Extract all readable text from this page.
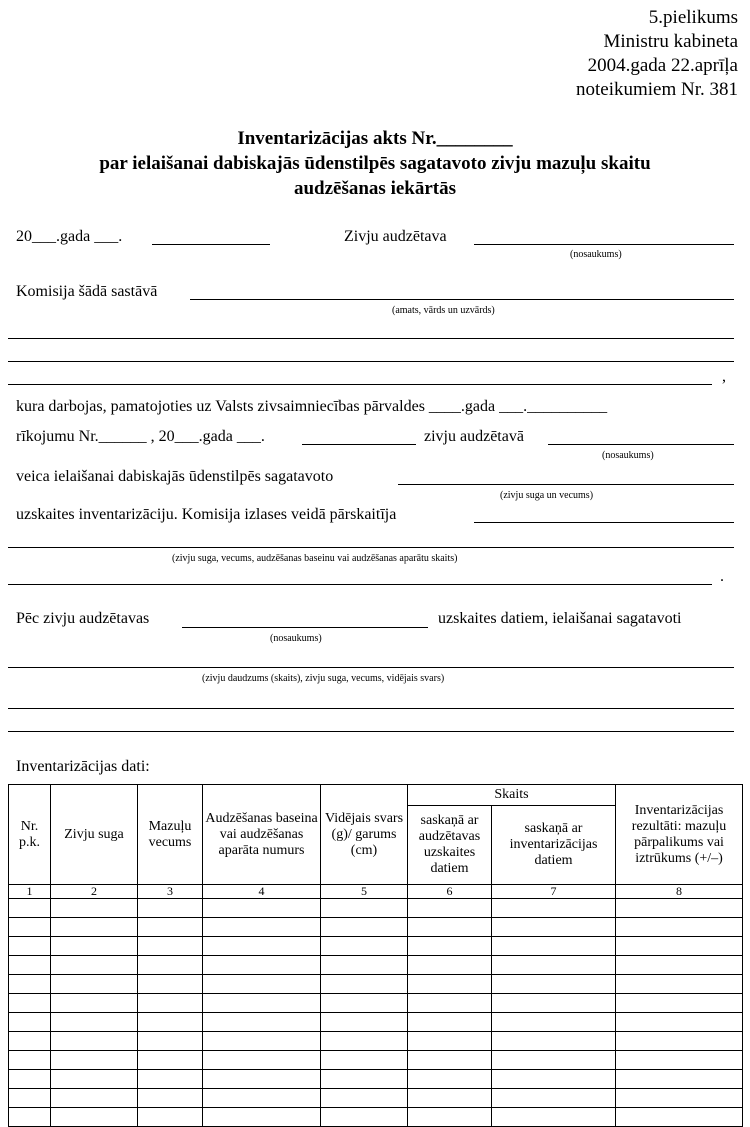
5.pielikums
Ministru kabineta
2004.gada 22.aprīļa
noteikumiem Nr. 381
Inventarizācijas akts Nr.________
par ielaišanai dabiskajās ūdenstilpēs sagatavoto zivju mazuļu skaitu
audzēšanas iekārtās
20___.gada ___.	Zivju audzētava
(nosaukums)
Komisija šādā sastāvā
(amats, vārds un uzvārds)
,
kura darbojas, pamatojoties uz Valsts zivsaimniecības pārvaldes ____.gada ___.__________
rīkojumu Nr.______ , 20___.gada ___.	zivju audzētavā
(nosaukums)
veica ielaišanai dabiskajās ūdenstilpēs sagatavoto
(zivju suga un vecums)
uzskaites inventarizāciju. Komisija izlases veidā pārskaitīja
(zivju suga, vecums, audzēšanas baseinu vai audzēšanas aparātu skaits)
.
Pēc zivju audzētavas
(nosaukums)
uzskaites datiem, ielaišanai sagatavoti
(zivju daudzums (skaits), zivju suga, vecums, vidējais svars)
Inventarizācijas dati:
Nr. p.k.	Zivju suga	Mazuļu vecums	Audzēšanas baseina vai audzēšanas aparāta numurs	Vidējais svars (g)/ garums (cm)	Skaits		Inventarizācijas rezultāti: mazuļu pārpalikums vai iztrūkums (+/–)
					saskaņā ar audzētavas uzskaites datiem	saskaņā ar inventarizācijas datiem	
1	2	3	4	5	6	7	8
